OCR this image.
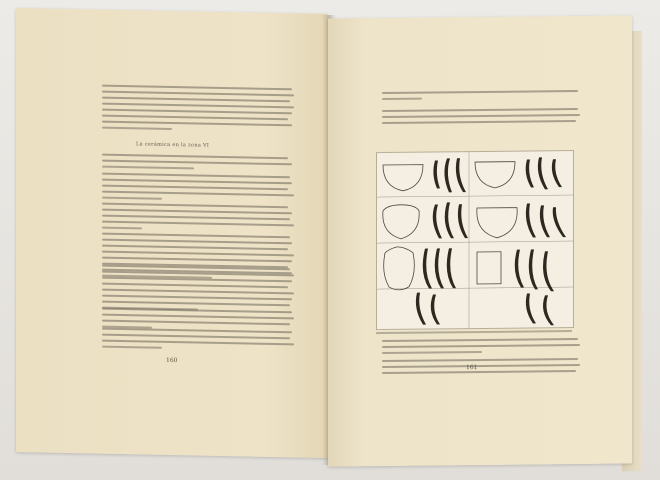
La cerámica en la zona VI
160
161
